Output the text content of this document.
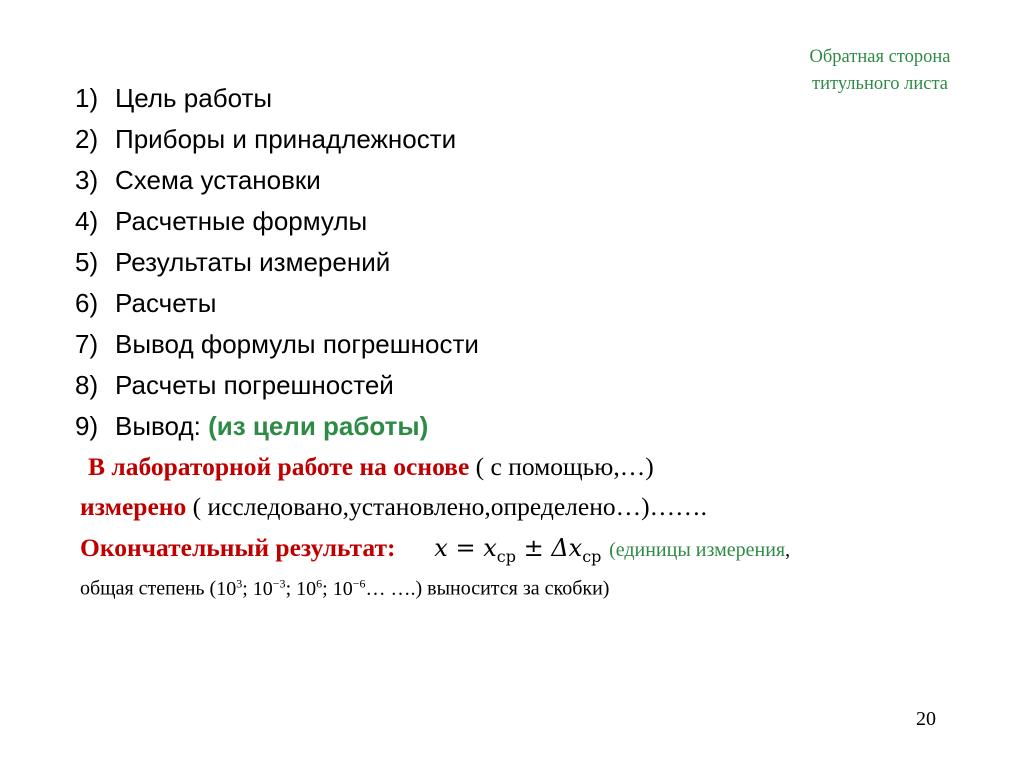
Обратная сторона
титульного листа
1) Цель работы
2) Приборы и принадлежности
3) Схема установки
4) Расчетные формулы
5) Результаты измерений
6) Расчеты
7) Вывод формулы погрешности
8) Расчеты погрешностей
9) Вывод: (из цели работы)
В лабораторной работе на основе ( с помощью,…)
измерено ( исследовано,установлено,определено…)…….
Окончательный результат: $x = x_{ср} \pm \Delta x_{ср}$ (единицы измерения,
общая степень ($10^3$; $10^{-3}$; $10^6$; $10^{-6}\dots$ ….) выносится за скобки)
20
